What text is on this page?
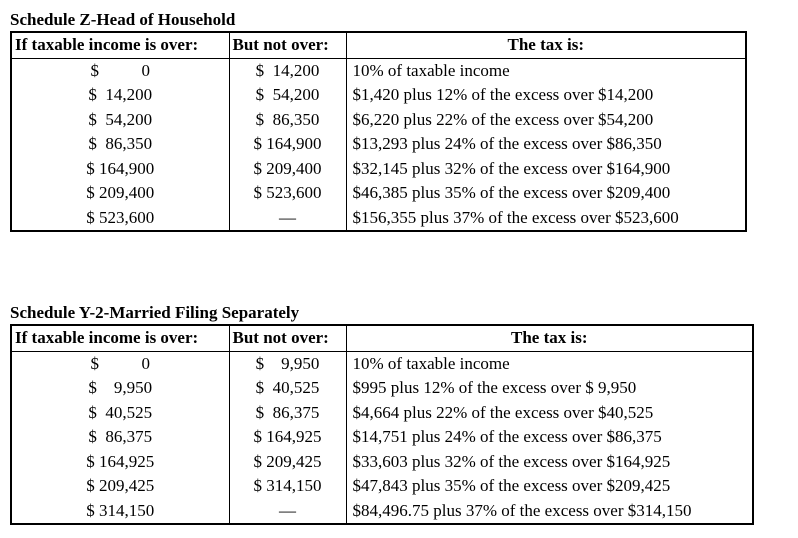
Schedule Z-Head of Household
If taxable income is over:	But not over:	The tax is:
$          0	$  14,200	10% of taxable income
$  14,200	$  54,200	$1,420 plus 12% of the excess over $14,200
$  54,200	$  86,350	$6,220 plus 22% of the excess over $54,200
$  86,350	$ 164,900	$13,293 plus 24% of the excess over $86,350
$ 164,900	$ 209,400	$32,145 plus 32% of the excess over $164,900
$ 209,400	$ 523,600	$46,385 plus 35% of the excess over $209,400
$ 523,600	—	$156,355 plus 37% of the excess over $523,600
Schedule Y-2-Married Filing Separately
If taxable income is over:	But not over:	The tax is:
$          0	$    9,950	10% of taxable income
$    9,950	$  40,525	$995 plus 12% of the excess over $ 9,950
$  40,525	$  86,375	$4,664 plus 22% of the excess over $40,525
$  86,375	$ 164,925	$14,751 plus 24% of the excess over $86,375
$ 164,925	$ 209,425	$33,603 plus 32% of the excess over $164,925
$ 209,425	$ 314,150	$47,843 plus 35% of the excess over $209,425
$ 314,150	—	$84,496.75 plus 37% of the excess over $314,150
